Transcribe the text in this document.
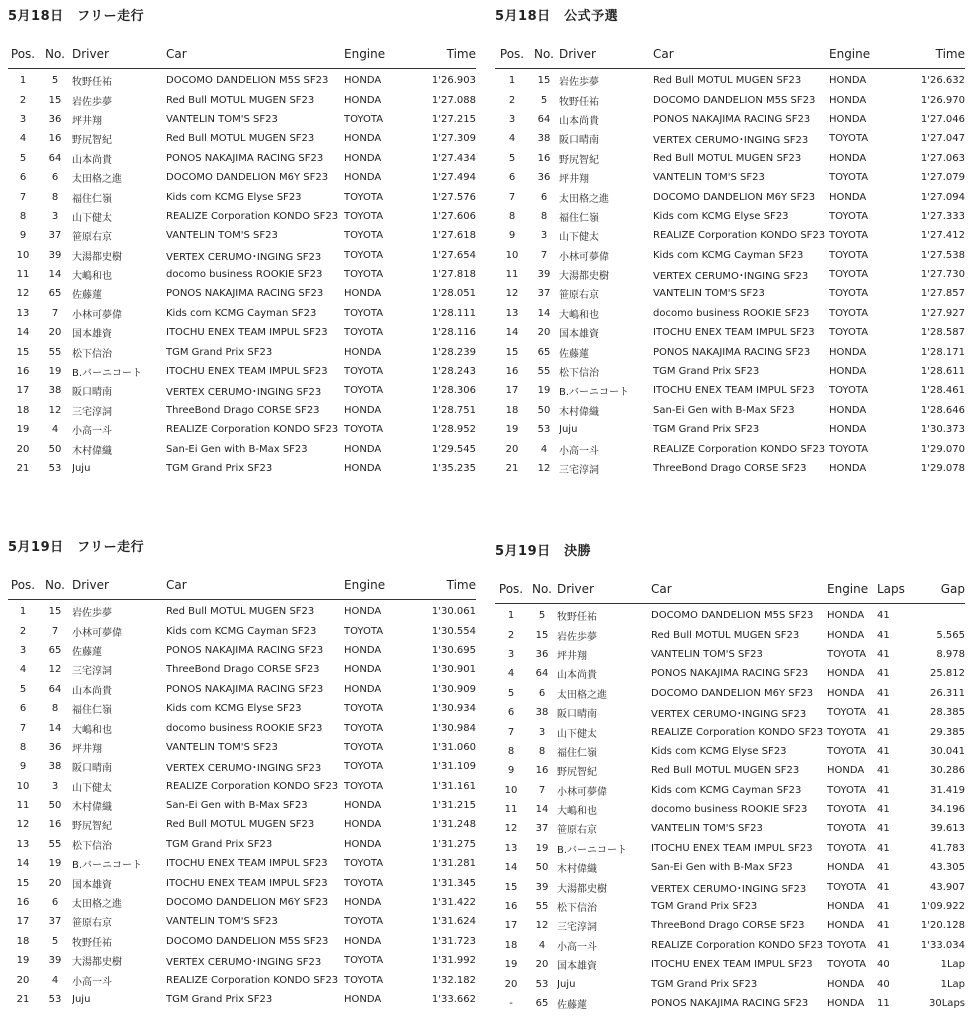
5月18日　フリー走行
Pos.	No.	Driver	Car	Engine	Time
1	5	牧野任祐	DOCOMO DANDELION M5S SF23	HONDA	1'26.903
2	15	岩佐歩夢	Red Bull MOTUL MUGEN SF23	HONDA	1'27.088
3	36	坪井翔	VANTELIN TOM'S SF23	TOYOTA	1'27.215
4	16	野尻智紀	Red Bull MOTUL MUGEN SF23	HONDA	1'27.309
5	64	山本尚貴	PONOS NAKAJIMA RACING SF23	HONDA	1'27.434
6	6	太田格之進	DOCOMO DANDELION M6Y SF23	HONDA	1'27.494
7	8	福住仁嶺	Kids com KCMG Elyse SF23	TOYOTA	1'27.576
8	3	山下健太	REALIZE Corporation KONDO SF23	TOYOTA	1'27.606
9	37	笹原右京	VANTELIN TOM'S SF23	TOYOTA	1'27.618
10	39	大湯都史樹	VERTEX CERUMO･INGING SF23	TOYOTA	1'27.654
11	14	大嶋和也	docomo business ROOKIE SF23	TOYOTA	1'27.818
12	65	佐藤蓮	PONOS NAKAJIMA RACING SF23	HONDA	1'28.051
13	7	小林可夢偉	Kids com KCMG Cayman SF23	TOYOTA	1'28.111
14	20	国本雄資	ITOCHU ENEX TEAM IMPUL SF23	TOYOTA	1'28.116
15	55	松下信治	TGM Grand Prix SF23	HONDA	1'28.239
16	19	B.バーニコート	ITOCHU ENEX TEAM IMPUL SF23	TOYOTA	1'28.243
17	38	阪口晴南	VERTEX CERUMO･INGING SF23	TOYOTA	1'28.306
18	12	三宅淳詞	ThreeBond Drago CORSE SF23	HONDA	1'28.751
19	4	小高一斗	REALIZE Corporation KONDO SF23	TOYOTA	1'28.952
20	50	木村偉織	San-Ei Gen with B-Max SF23	HONDA	1'29.545
21	53	Juju	TGM Grand Prix SF23	HONDA	1'35.235
5月18日　公式予選
Pos.	No.	Driver	Car	Engine	Time
1	15	岩佐歩夢	Red Bull MOTUL MUGEN SF23	HONDA	1'26.632
2	5	牧野任祐	DOCOMO DANDELION M5S SF23	HONDA	1'26.970
3	64	山本尚貴	PONOS NAKAJIMA RACING SF23	HONDA	1'27.046
4	38	阪口晴南	VERTEX CERUMO･INGING SF23	TOYOTA	1'27.047
5	16	野尻智紀	Red Bull MOTUL MUGEN SF23	HONDA	1'27.063
6	36	坪井翔	VANTELIN TOM'S SF23	TOYOTA	1'27.079
7	6	太田格之進	DOCOMO DANDELION M6Y SF23	HONDA	1'27.094
8	8	福住仁嶺	Kids com KCMG Elyse SF23	TOYOTA	1'27.333
9	3	山下健太	REALIZE Corporation KONDO SF23	TOYOTA	1'27.412
10	7	小林可夢偉	Kids com KCMG Cayman SF23	TOYOTA	1'27.538
11	39	大湯都史樹	VERTEX CERUMO･INGING SF23	TOYOTA	1'27.730
12	37	笹原右京	VANTELIN TOM'S SF23	TOYOTA	1'27.857
13	14	大嶋和也	docomo business ROOKIE SF23	TOYOTA	1'27.927
14	20	国本雄資	ITOCHU ENEX TEAM IMPUL SF23	TOYOTA	1'28.587
15	65	佐藤蓮	PONOS NAKAJIMA RACING SF23	HONDA	1'28.171
16	55	松下信治	TGM Grand Prix SF23	HONDA	1'28.611
17	19	B.バーニコート	ITOCHU ENEX TEAM IMPUL SF23	TOYOTA	1'28.461
18	50	木村偉織	San-Ei Gen with B-Max SF23	HONDA	1'28.646
19	53	Juju	TGM Grand Prix SF23	HONDA	1'30.373
20	4	小高一斗	REALIZE Corporation KONDO SF23	TOYOTA	1'29.070
21	12	三宅淳詞	ThreeBond Drago CORSE SF23	HONDA	1'29.078
5月19日　フリー走行
Pos.	No.	Driver	Car	Engine	Time
1	15	岩佐歩夢	Red Bull MOTUL MUGEN SF23	HONDA	1'30.061
2	7	小林可夢偉	Kids com KCMG Cayman SF23	TOYOTA	1'30.554
3	65	佐藤蓮	PONOS NAKAJIMA RACING SF23	HONDA	1'30.695
4	12	三宅淳詞	ThreeBond Drago CORSE SF23	HONDA	1'30.901
5	64	山本尚貴	PONOS NAKAJIMA RACING SF23	HONDA	1'30.909
6	8	福住仁嶺	Kids com KCMG Elyse SF23	TOYOTA	1'30.934
7	14	大嶋和也	docomo business ROOKIE SF23	TOYOTA	1'30.984
8	36	坪井翔	VANTELIN TOM'S SF23	TOYOTA	1'31.060
9	38	阪口晴南	VERTEX CERUMO･INGING SF23	TOYOTA	1'31.109
10	3	山下健太	REALIZE Corporation KONDO SF23	TOYOTA	1'31.161
11	50	木村偉織	San-Ei Gen with B-Max SF23	HONDA	1'31.215
12	16	野尻智紀	Red Bull MOTUL MUGEN SF23	HONDA	1'31.248
13	55	松下信治	TGM Grand Prix SF23	HONDA	1'31.275
14	19	B.バーニコート	ITOCHU ENEX TEAM IMPUL SF23	TOYOTA	1'31.281
15	20	国本雄資	ITOCHU ENEX TEAM IMPUL SF23	TOYOTA	1'31.345
16	6	太田格之進	DOCOMO DANDELION M6Y SF23	HONDA	1'31.422
17	37	笹原右京	VANTELIN TOM'S SF23	TOYOTA	1'31.624
18	5	牧野任祐	DOCOMO DANDELION M5S SF23	HONDA	1'31.723
19	39	大湯都史樹	VERTEX CERUMO･INGING SF23	TOYOTA	1'31.992
20	4	小高一斗	REALIZE Corporation KONDO SF23	TOYOTA	1'32.182
21	53	Juju	TGM Grand Prix SF23	HONDA	1'33.662
5月19日　決勝
Pos.	No.	Driver	Car	Engine	Laps	Gap
1	5	牧野任祐	DOCOMO DANDELION M5S SF23	HONDA	41	
2	15	岩佐歩夢	Red Bull MOTUL MUGEN SF23	HONDA	41	5.565
3	36	坪井翔	VANTELIN TOM'S SF23	TOYOTA	41	8.978
4	64	山本尚貴	PONOS NAKAJIMA RACING SF23	HONDA	41	25.812
5	6	太田格之進	DOCOMO DANDELION M6Y SF23	HONDA	41	26.311
6	38	阪口晴南	VERTEX CERUMO･INGING SF23	TOYOTA	41	28.385
7	3	山下健太	REALIZE Corporation KONDO SF23	TOYOTA	41	29.385
8	8	福住仁嶺	Kids com KCMG Elyse SF23	TOYOTA	41	30.041
9	16	野尻智紀	Red Bull MOTUL MUGEN SF23	HONDA	41	30.286
10	7	小林可夢偉	Kids com KCMG Cayman SF23	TOYOTA	41	31.419
11	14	大嶋和也	docomo business ROOKIE SF23	TOYOTA	41	34.196
12	37	笹原右京	VANTELIN TOM'S SF23	TOYOTA	41	39.613
13	19	B.バーニコート	ITOCHU ENEX TEAM IMPUL SF23	TOYOTA	41	41.783
14	50	木村偉織	San-Ei Gen with B-Max SF23	HONDA	41	43.305
15	39	大湯都史樹	VERTEX CERUMO･INGING SF23	TOYOTA	41	43.907
16	55	松下信治	TGM Grand Prix SF23	HONDA	41	1'09.922
17	12	三宅淳詞	ThreeBond Drago CORSE SF23	HONDA	41	1'20.128
18	4	小高一斗	REALIZE Corporation KONDO SF23	TOYOTA	41	1'33.034
19	20	国本雄資	ITOCHU ENEX TEAM IMPUL SF23	TOYOTA	40	1Lap
20	53	Juju	TGM Grand Prix SF23	HONDA	40	1Lap
-	65	佐藤蓮	PONOS NAKAJIMA RACING SF23	HONDA	11	30Laps
